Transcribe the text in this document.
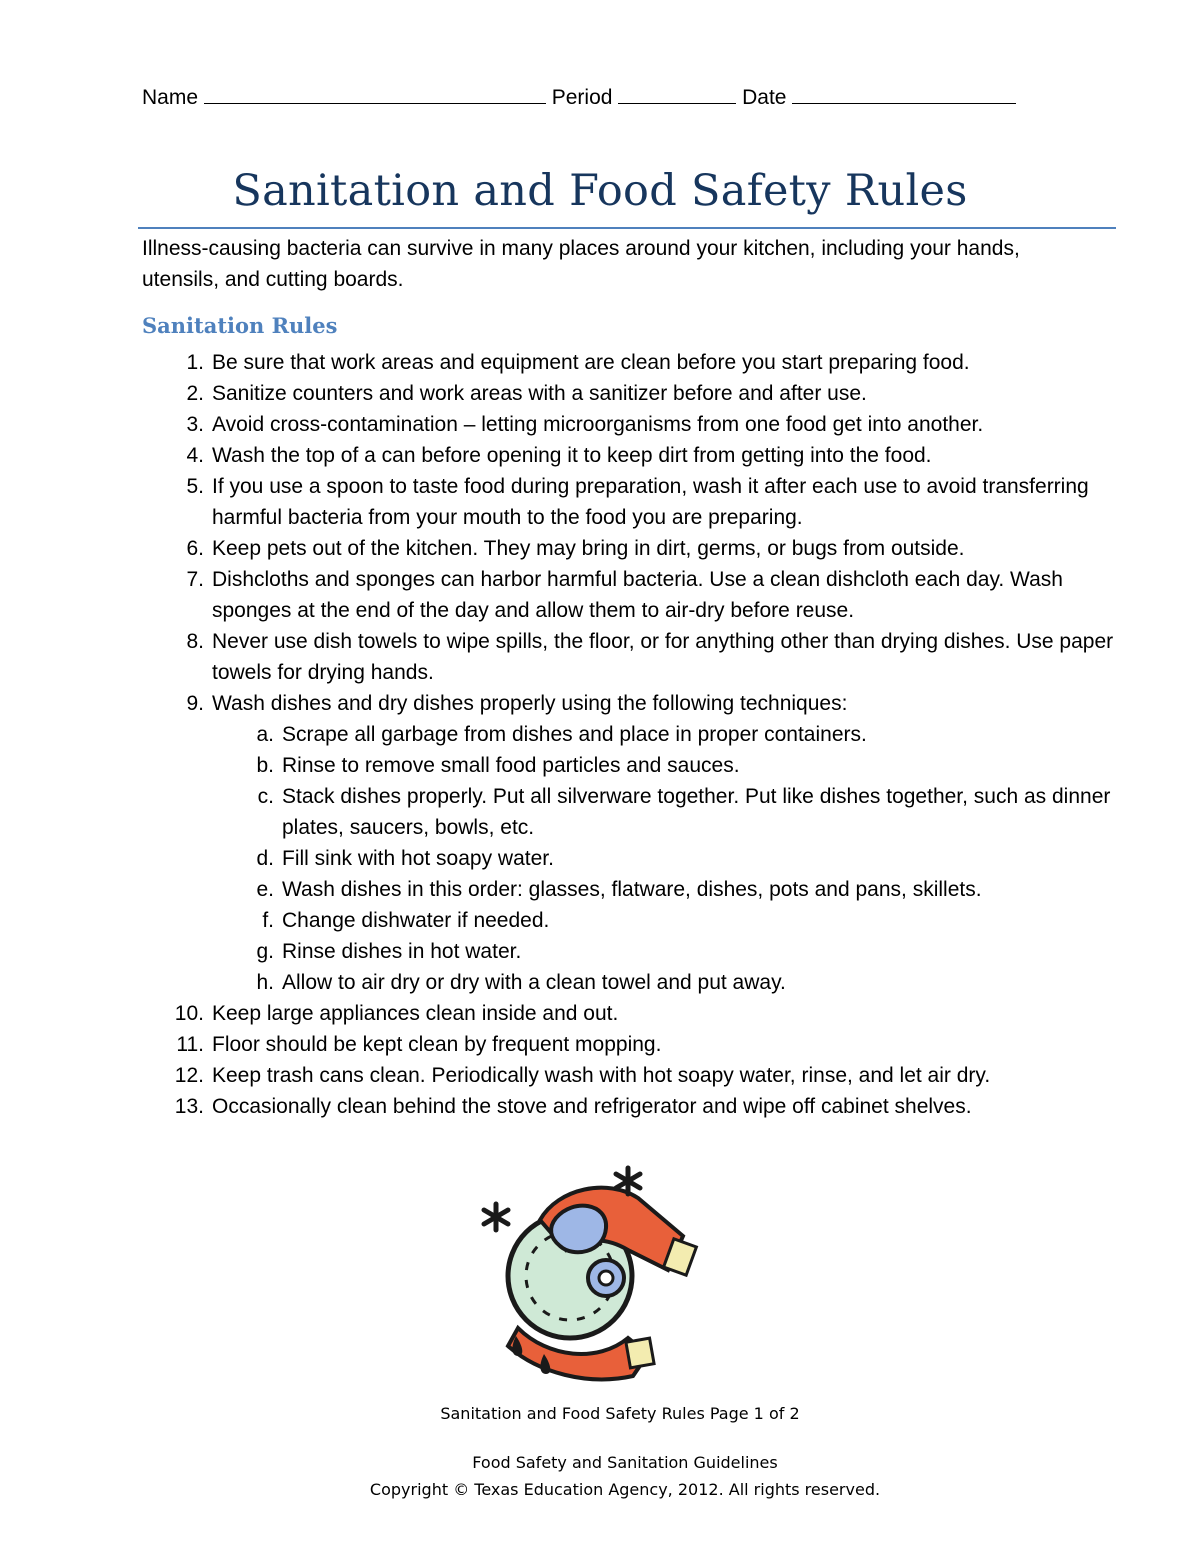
Name	Period	Date
Sanitation and Food Safety Rules
Illness-causing bacteria can survive in many places around your kitchen, including your hands, utensils, and cutting boards.
Sanitation Rules
1. Be sure that work areas and equipment are clean before you start preparing food.
2. Sanitize counters and work areas with a sanitizer before and after use.
3. Avoid cross-contamination – letting microorganisms from one food get into another.
4. Wash the top of a can before opening it to keep dirt from getting into the food.
5. If you use a spoon to taste food during preparation, wash it after each use to avoid transferring harmful bacteria from your mouth to the food you are preparing.
6. Keep pets out of the kitchen. They may bring in dirt, germs, or bugs from outside.
7. Dishcloths and sponges can harbor harmful bacteria. Use a clean dishcloth each day. Wash sponges at the end of the day and allow them to air-dry before reuse.
8. Never use dish towels to wipe spills, the floor, or for anything other than drying dishes. Use paper towels for drying hands.
9. Wash dishes and dry dishes properly using the following techniques:
a. Scrape all garbage from dishes and place in proper containers.
b. Rinse to remove small food particles and sauces.
c. Stack dishes properly. Put all silverware together. Put like dishes together, such as dinner plates, saucers, bowls, etc.
d. Fill sink with hot soapy water.
e. Wash dishes in this order: glasses, flatware, dishes, pots and pans, skillets.
f. Change dishwater if needed.
g. Rinse dishes in hot water.
h. Allow to air dry or dry with a clean towel and put away.
10. Keep large appliances clean inside and out.
11. Floor should be kept clean by frequent mopping.
12. Keep trash cans clean. Periodically wash with hot soapy water, rinse, and let air dry.
13. Occasionally clean behind the stove and refrigerator and wipe off cabinet shelves.
Sanitation and Food Safety Rules Page 1 of 2
Food Safety and Sanitation Guidelines
Copyright © Texas Education Agency, 2012. All rights reserved.
